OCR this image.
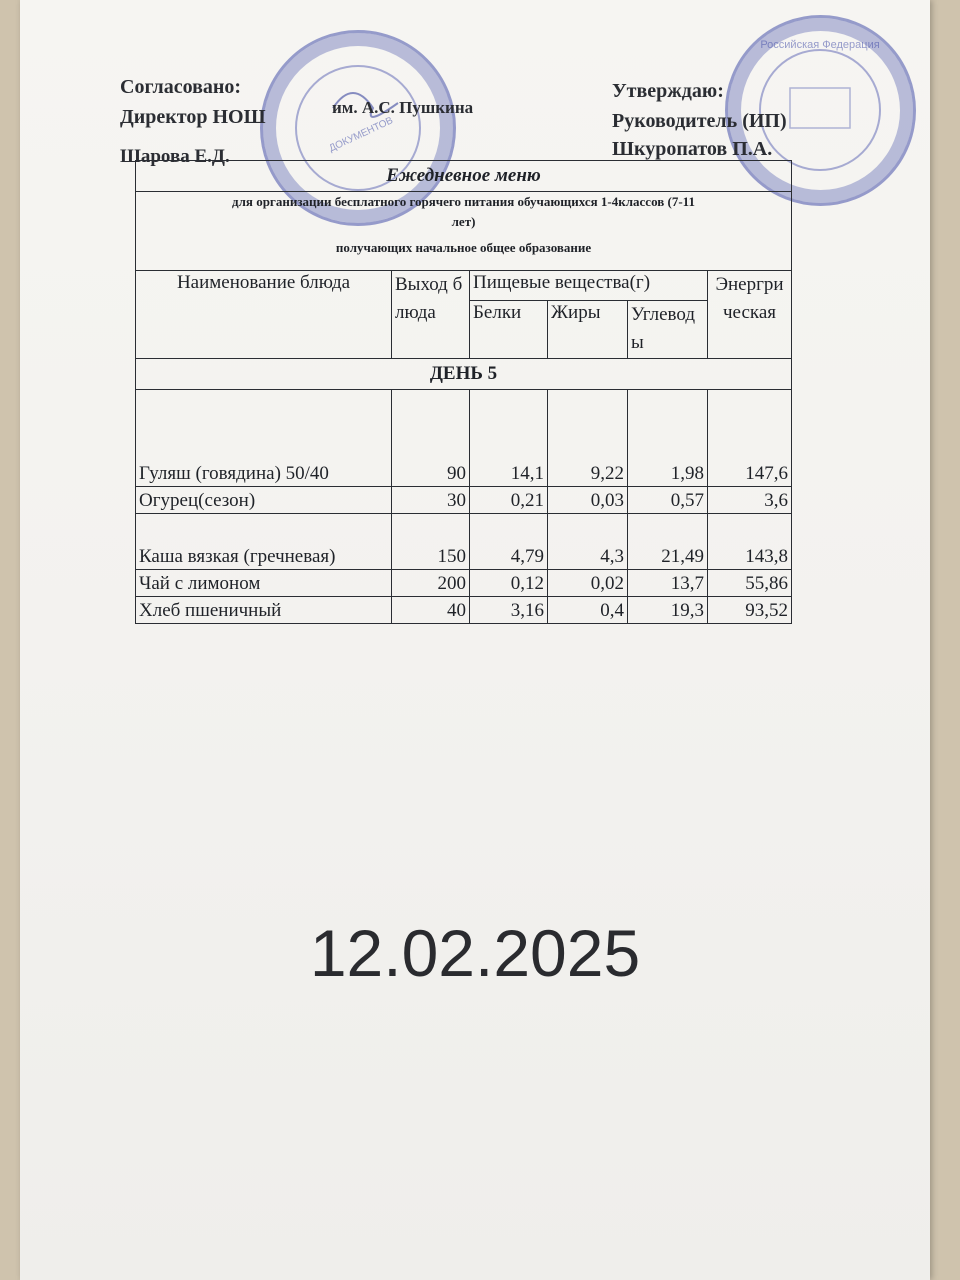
ДОКУМЕНТОВ
Российская Федерация
Согласовано:
Директор НОШ	им. А.С. Пушкина
Шарова Е.Д.
Утверждаю:
Руководитель (ИП)
Шкуропатов П.А.
Ежедневное меню					

для организации бесплатного горячего питания обучающихся 1-4классов (7-11 лет)
получающих начальное общее образование					

Наименование блюда	Выход блюда	Пищевые вещества(г)			Энергрическая
		Белки	Жиры	Углеводы	
ДЕНЬ 5					
Гуляш (говядина) 50/40	90	14,1	9,22	1,98	147,6
Огурец(сезон)	30	0,21	0,03	0,57	3,6
Каша вязкая (гречневая)	150	4,79	4,3	21,49	143,8
Чай с лимоном	200	0,12	0,02	13,7	55,86
Хлеб пшеничный	40	3,16	0,4	19,3	93,52
12.02.2025
